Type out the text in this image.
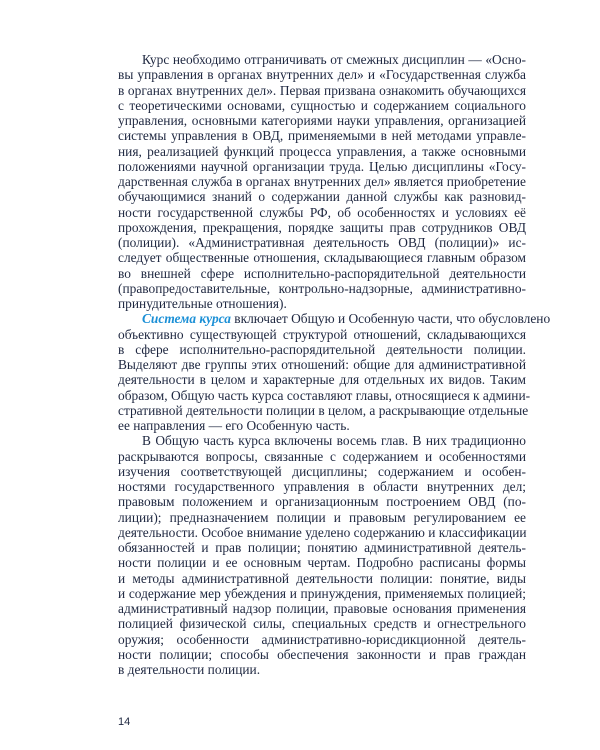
Курс необходимо отграничивать от смежных дисциплин — «Осно-
вы управления в органах внутренних дел» и «Государственная служба
в органах внутренних дел». Первая призвана ознакомить обучающихся
с теоретическими основами, сущностью и содержанием социального
управления, основными категориями науки управления, организацией
системы управления в ОВД, применяемыми в ней методами управле-
ния, реализацией функций процесса управления, а также основными
положениями научной организации труда. Целью дисциплины «Госу-
дарственная служба в органах внутренних дел» является приобретение
обучающимися знаний о содержании данной службы как разновид-
ности государственной службы РФ, об особенностях и условиях её
прохождения, прекращения, порядке защиты прав сотрудников ОВД
(полиции). «Административная деятельность ОВД (полиции)» ис-
следует общественные отношения, складывающиеся главным образом
во внешней сфере исполнительно-распорядительной деятельности
(правопредоставительные, контрольно-надзорные, административно-
принудительные отношения).
Система курса включает Общую и Особенную части, что обусловлено
объективно существующей структурой отношений, складывающихся
в сфере исполнительно-распорядительной деятельности полиции.
Выделяют две группы этих отношений: общие для административной
деятельности в целом и характерные для отдельных их видов. Таким
образом, Общую часть курса составляют главы, относящиеся к админи-
стративной деятельности полиции в целом, а раскрывающие отдельные
ее направления — его Особенную часть.
В Общую часть курса включены восемь глав. В них традиционно
раскрываются вопросы, связанные с содержанием и особенностями
изучения соответствующей дисциплины; содержанием и особен-
ностями государственного управления в области внутренних дел;
правовым положением и организационным построением ОВД (по-
лиции); предназначением полиции и правовым регулированием ее
деятельности. Особое внимание уделено содержанию и классификации
обязанностей и прав полиции; понятию административной деятель-
ности полиции и ее основным чертам. Подробно расписаны формы
и методы административной деятельности полиции: понятие, виды
и содержание мер убеждения и принуждения, применяемых полицией;
административный надзор полиции, правовые основания применения
полицией физической силы, специальных средств и огнестрельного
оружия; особенности административно-юрисдикционной деятель-
ности полиции; способы обеспечения законности и прав граждан
в деятельности полиции.
14
